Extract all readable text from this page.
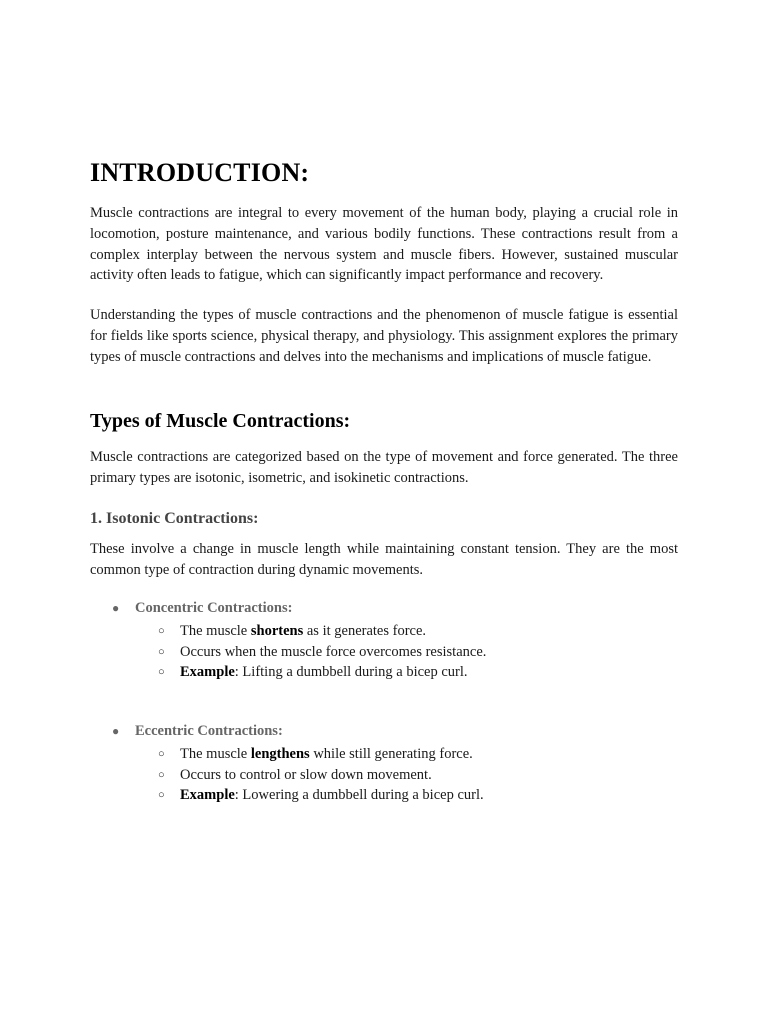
INTRODUCTION:

Muscle contractions are integral to every movement of the human body, playing a crucial role in locomotion, posture maintenance, and various bodily functions. These contractions result from a complex interplay between the nervous system and muscle fibers. However, sustained muscular activity often leads to fatigue, which can significantly impact performance and recovery.

Understanding the types of muscle contractions and the phenomenon of muscle fatigue is essential for fields like sports science, physical therapy, and physiology. This assignment explores the primary types of muscle contractions and delves into the mechanisms and implications of muscle fatigue.

Types of Muscle Contractions:

Muscle contractions are categorized based on the type of movement and force generated. The three primary types are isotonic, isometric, and isokinetic contractions.

1. Isotonic Contractions:

These involve a change in muscle length while maintaining constant tension. They are the most common type of contraction during dynamic movements.

● Concentric Contractions:
○ The muscle shortens as it generates force.
○ Occurs when the muscle force overcomes resistance.
○ Example: Lifting a dumbbell during a bicep curl.
● Eccentric Contractions:
○ The muscle lengthens while still generating force.
○ Occurs to control or slow down movement.
○ Example: Lowering a dumbbell during a bicep curl.
